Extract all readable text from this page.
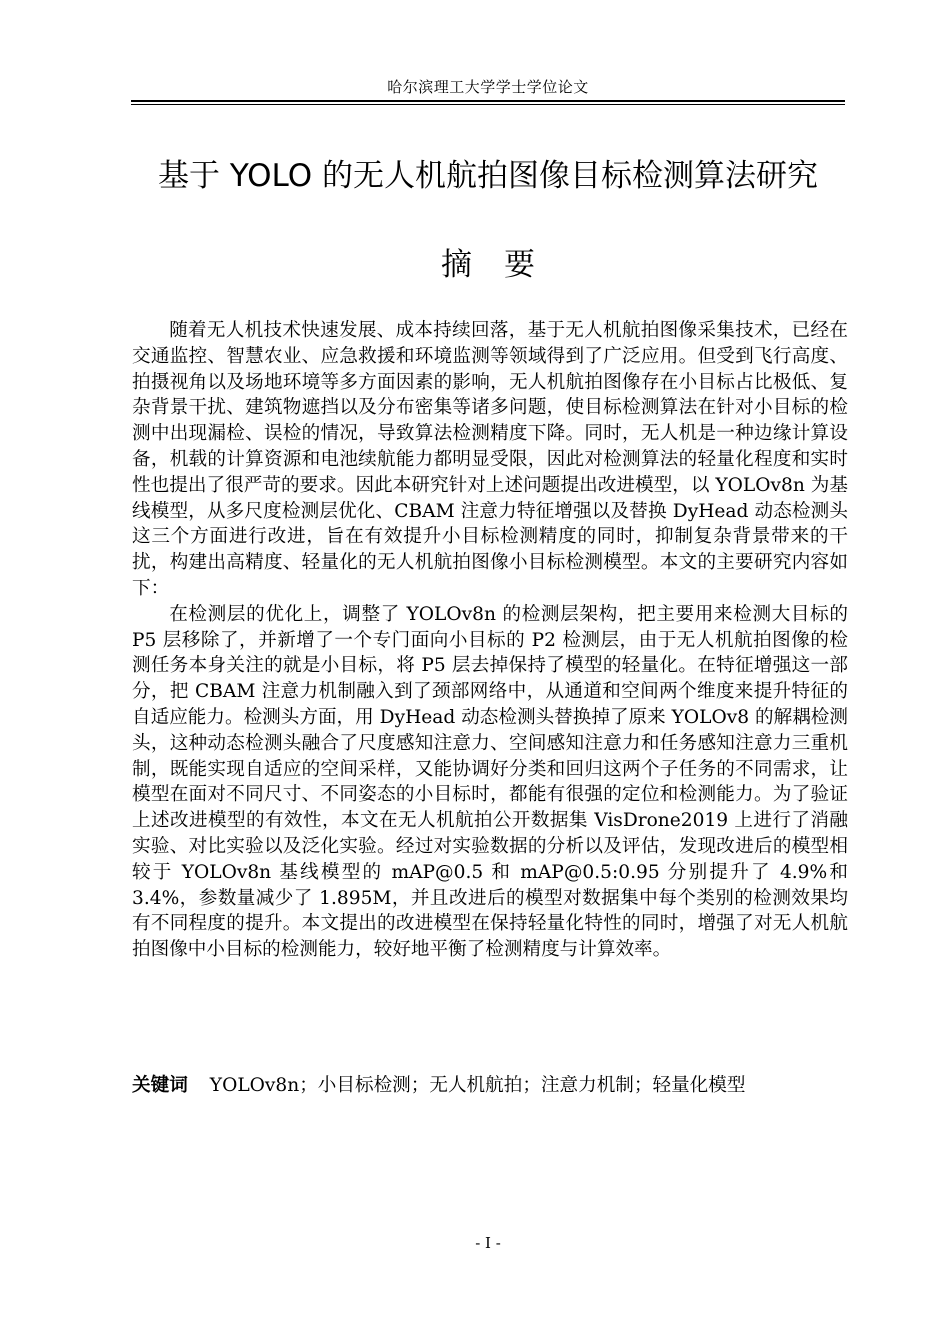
哈尔滨理工大学学士学位论文
基于 YOLO 的无人机航拍图像目标检测算法研究
摘要

随着无人机技术快速发展、成本持续回落，基于无人机航拍图像采集技术，已经在交通监控、智慧农业、应急救援和环境监测等领域得到了广泛应用。但受到飞行高度、拍摄视角以及场地环境等多方面因素的影响，无人机航拍图像存在小目标占比极低、复杂背景干扰、建筑物遮挡以及分布密集等诸多问题，使目标检测算法在针对小目标的检测中出现漏检、误检的情况，导致算法检测精度下降。同时，无人机是一种边缘计算设备，机载的计算资源和电池续航能力都明显受限，因此对检测算法的轻量化程度和实时性也提出了很严苛的要求。因此本研究针对上述问题提出改进模型，以 YOLOv8n 为基线模型，从多尺度检测层优化、CBAM 注意力特征增强以及替换 DyHead 动态检测头这三个方面进行改进，旨在有效提升小目标检测精度的同时，抑制复杂背景带来的干扰，构建出高精度、轻量化的无人机航拍图像小目标检测模型。本文的主要研究内容如下：

在检测层的优化上，调整了 YOLOv8n 的检测层架构，把主要用来检测大目标的 P5 层移除了，并新增了一个专门面向小目标的 P2 检测层，由于无人机航拍图像的检测任务本身关注的就是小目标，将 P5 层去掉保持了模型的轻量化。在特征增强这一部分，把 CBAM 注意力机制融入到了颈部网络中，从通道和空间两个维度来提升特征的自适应能力。检测头方面，用 DyHead 动态检测头替换掉了原来 YOLOv8 的解耦检测头，这种动态检测头融合了尺度感知注意力、空间感知注意力和任务感知注意力三重机制，既能实现自适应的空间采样，又能协调好分类和回归这两个子任务的不同需求，让模型在面对不同尺寸、不同姿态的小目标时，都能有很强的定位和检测能力。为了验证上述改进模型的有效性，本文在无人机航拍公开数据集 VisDrone2019 上进行了消融实验、对比实验以及泛化实验。经过对实验数据的分析以及评估，发现改进后的模型相较于 YOLOv8n 基线模型的 mAP@0.5 和 mAP@0.5:0.95 分别提升了 4.9%和 3.4%，参数量减少了 1.895M，并且改进后的模型对数据集中每个类别的检测效果均有不同程度的提升。本文提出的改进模型在保持轻量化特性的同时，增强了对无人机航拍图像中小目标的检测能力，较好地平衡了检测精度与计算效率。

关键词 YOLOv8n；小目标检测；无人机航拍；注意力机制；轻量化模型
- I -
